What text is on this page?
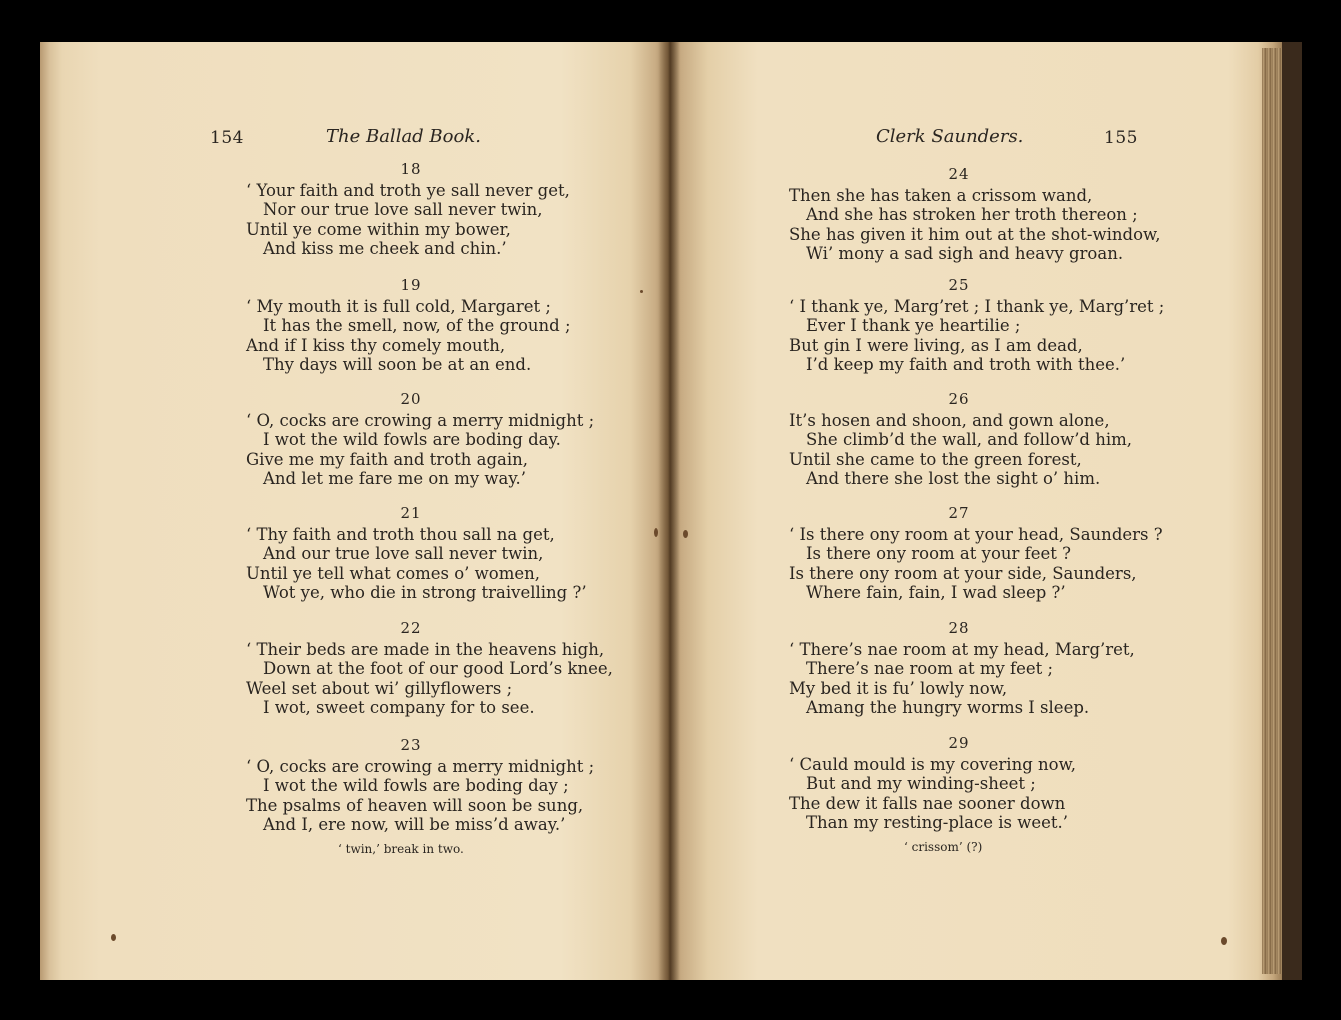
154	The Ballad Book.	Clerk Saunders.	155
18
‘ Your faith and troth ye sall never get,
Nor our true love sall never twin,
Until ye come within my bower,
And kiss me cheek and chin.’
19
‘ My mouth it is full cold, Margaret ;
It has the smell, now, of the ground ;
And if I kiss thy comely mouth,
Thy days will soon be at an end.
20
‘ O, cocks are crowing a merry midnight ;
I wot the wild fowls are boding day.
Give me my faith and troth again,
And let me fare me on my way.’
21
‘ Thy faith and troth thou sall na get,
And our true love sall never twin,
Until ye tell what comes o’ women,
Wot ye, who die in strong traivelling ?’
22
‘ Their beds are made in the heavens high,
Down at the foot of our good Lord’s knee,
Weel set about wi’ gillyflowers ;
I wot, sweet company for to see.
23
‘ O, cocks are crowing a merry midnight ;
I wot the wild fowls are boding day ;
The psalms of heaven will soon be sung,
And I, ere now, will be miss’d away.’
‘ twin,’ break in two.
24
Then she has taken a crissom wand,
And she has stroken her troth thereon ;
She has given it him out at the shot-window,
Wi’ mony a sad sigh and heavy groan.
25
‘ I thank ye, Marg’ret ; I thank ye, Marg’ret ;
Ever I thank ye heartilie ;
But gin I were living, as I am dead,
I’d keep my faith and troth with thee.’
26
It’s hosen and shoon, and gown alone,
She climb’d the wall, and follow’d him,
Until she came to the green forest,
And there she lost the sight o’ him.
27
‘ Is there ony room at your head, Saunders ?
Is there ony room at your feet ?
Is there ony room at your side, Saunders,
Where fain, fain, I wad sleep ?’
28
‘ There’s nae room at my head, Marg’ret,
There’s nae room at my feet ;
My bed it is fu’ lowly now,
Amang the hungry worms I sleep.
29
‘ Cauld mould is my covering now,
But and my winding-sheet ;
The dew it falls nae sooner down
Than my resting-place is weet.’
‘ crissom’ (?)
